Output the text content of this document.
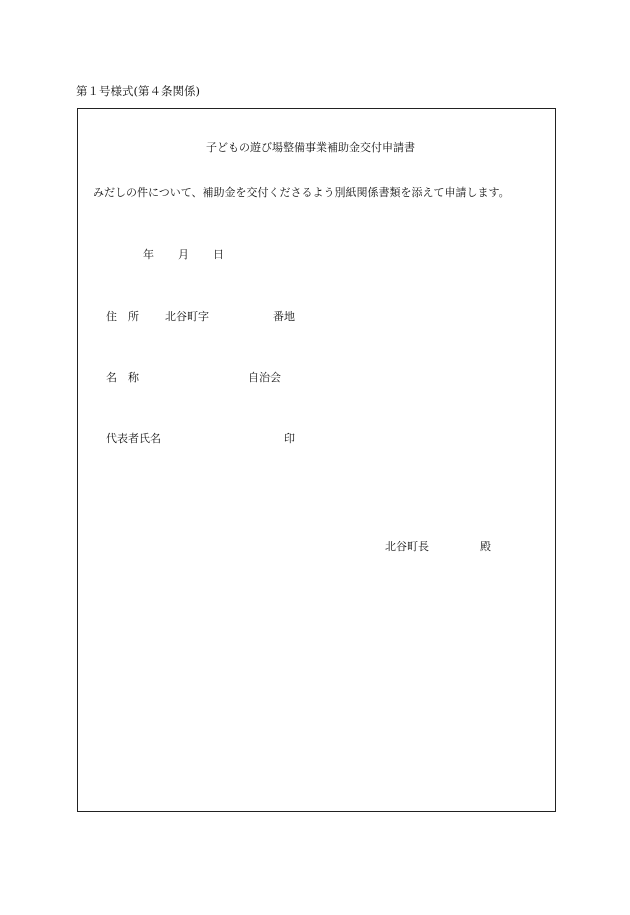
第１号様式(第４条関係)
子どもの遊び場整備事業補助金交付申請書
みだしの件について、補助金を交付くださるよう別紙関係書類を添えて申請します。
年 月 日
住　所 北谷町字	番地
名　称	自治会
代表者氏名	印
北谷町長	殿
